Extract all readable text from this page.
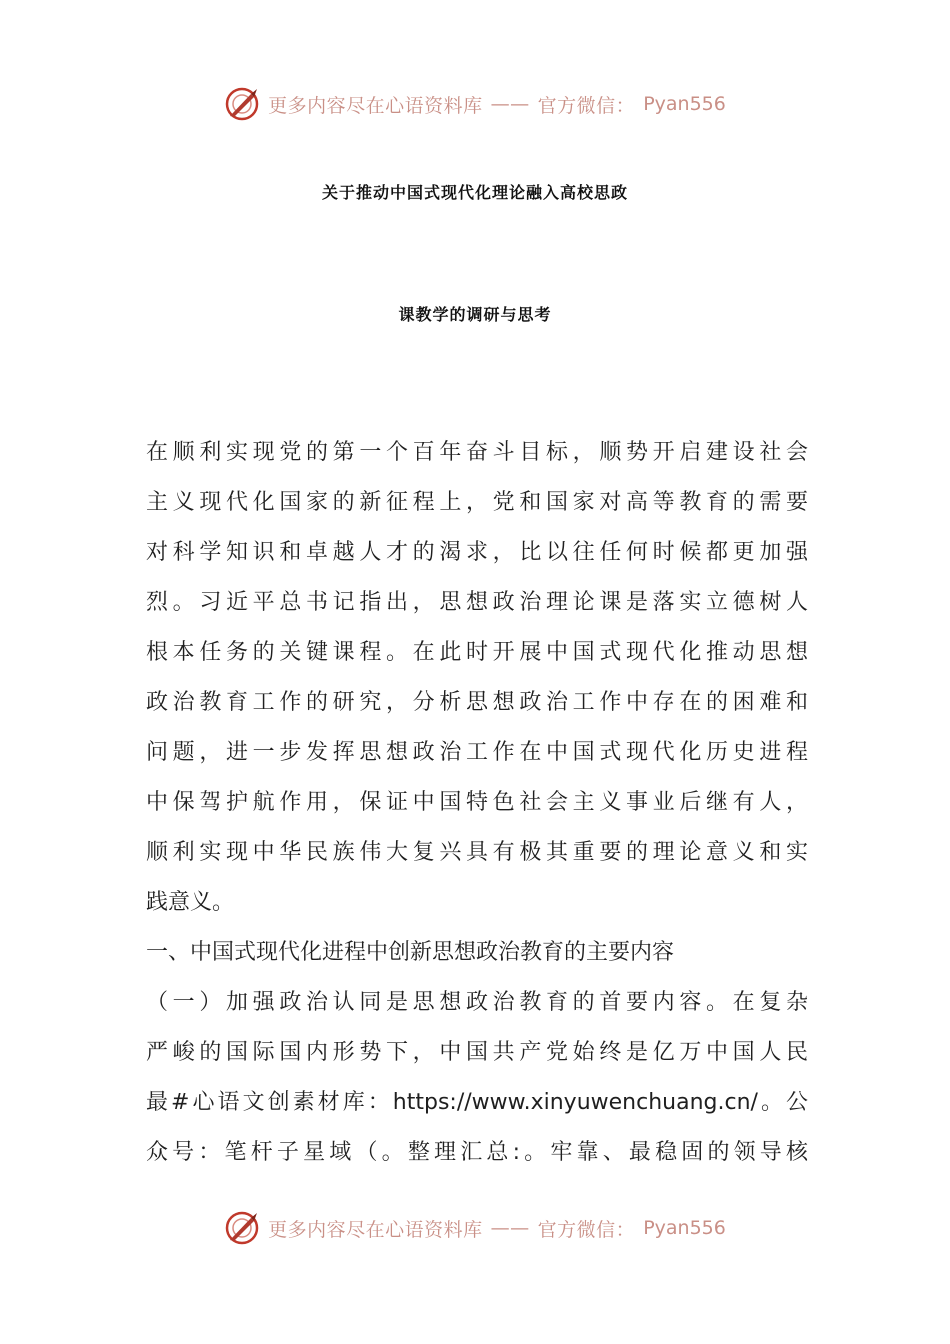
更多内容尽在心语资料库 —— 官方微信： Pyan556
关于推动中国式现代化理论融入高校思政
课教学的调研与思考
在顺利实现党的第一个百年奋斗目标，顺势开启建设社会
主义现代化国家的新征程上，党和国家对高等教育的需要
对科学知识和卓越人才的渴求，比以往任何时候都更加强
烈。习近平总书记指出，思想政治理论课是落实立德树人
根本任务的关键课程。在此时开展中国式现代化推动思想
政治教育工作的研究，分析思想政治工作中存在的困难和
问题，进一步发挥思想政治工作在中国式现代化历史进程
中保驾护航作用，保证中国特色社会主义事业后继有人，
顺利实现中华民族伟大复兴具有极其重要的理论意义和实
践意义。
一、中国式现代化进程中创新思想政治教育的主要内容
（一）加强政治认同是思想政治教育的首要内容。在复杂
严峻的国际国内形势下，中国共产党始终是亿万中国人民
最#心语文创素材库：https://www.xinyuwenchuang.cn/。公
众号：笔杆子星域（。整理汇总:。牢靠、最稳固的领导核
更多内容尽在心语资料库 —— 官方微信： Pyan556
